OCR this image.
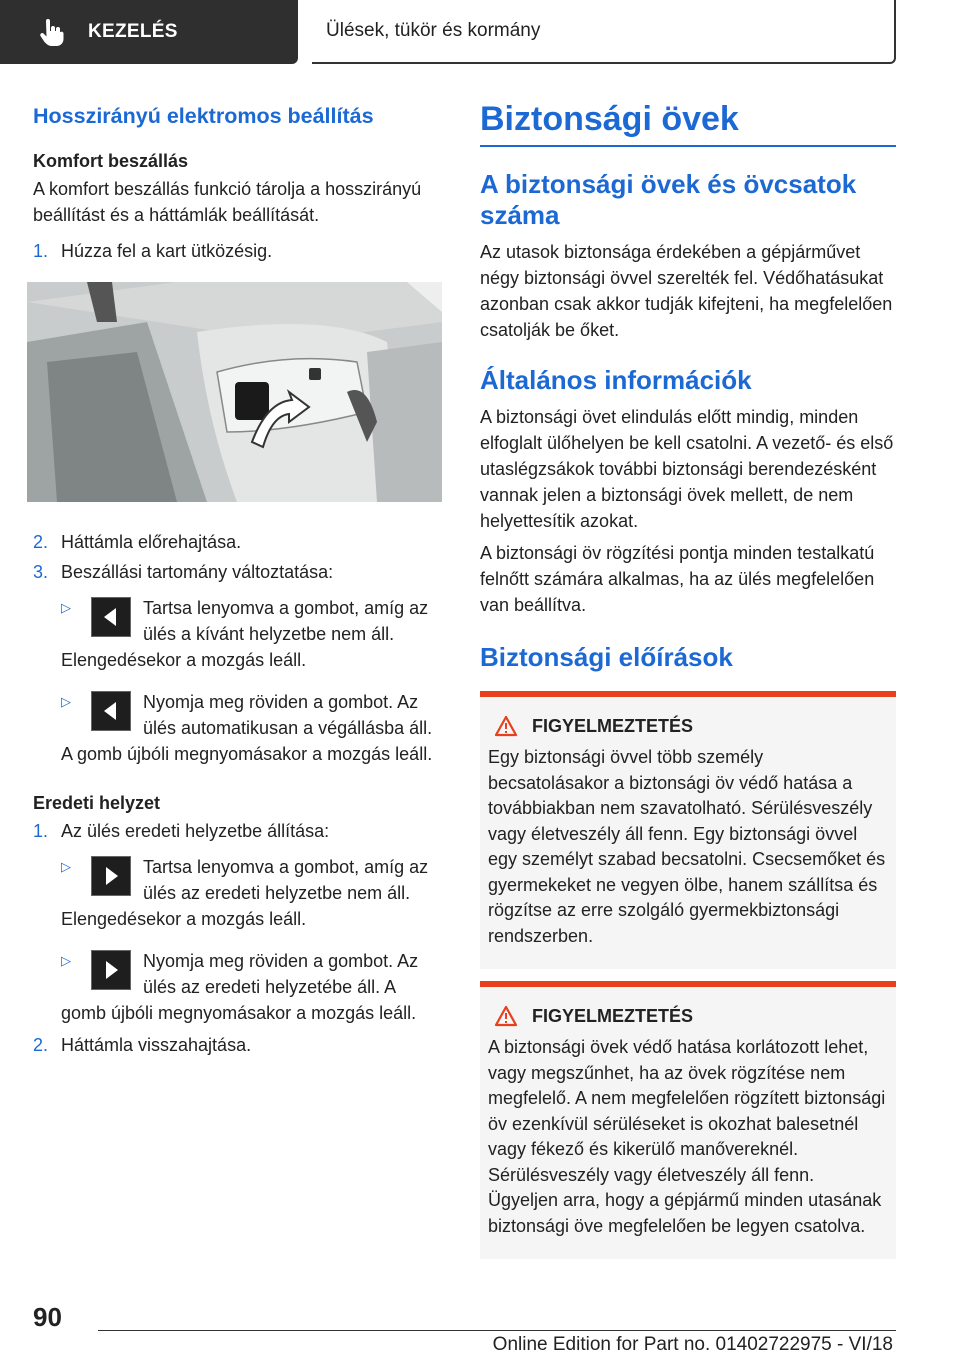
KEZELÉS	Ülések, tükör és kormány
Hosszirányú elektromos beállítás
Komfort beszállás

A komfort beszállás funkció tárolja a hosszirányú beállítást és a háttámlák beállítását.

1. Húzza fel a kart ütközésig.
2. Háttámla előrehajtása.
3. Beszállási tartomány változtatása:
▷	Tartsa lenyomva a gombot, amíg az ülés a kívánt helyzetbe nem áll. Elengedésekor a mozgás leáll.
▷	Nyomja meg röviden a gombot. Az ülés automatikusan a végállásba áll. A gomb újbóli megnyomásakor a mozgás leáll.
Eredeti helyzet
1. Az ülés eredeti helyzetbe állítása:
▷	Tartsa lenyomva a gombot, amíg az ülés az eredeti helyzetbe nem áll. Elengedésekor a mozgás leáll.
▷	Nyomja meg röviden a gombot. Az ülés az eredeti helyzetébe áll. A gomb újbóli megnyomásakor a mozgás leáll.
2. Háttámla visszahajtása.
Biztonsági övek
A biztonsági övek és övcsatok száma

Az utasok biztonsága érdekében a gépjárművet négy biztonsági övvel szerelték fel. Védőhatásukat azonban csak akkor tudják kifejteni, ha megfelelően csatolják be őket.

Általános információk

A biztonsági övet elindulás előtt mindig, minden elfoglalt ülőhelyen be kell csatolni. A vezető- és első utaslégzsákok további biztonsági berendezésként vannak jelen a biztonsági övek mellett, de nem helyettesítik azokat.

A biztonsági öv rögzítési pontja minden testalkatú felnőtt számára alkalmas, ha az ülés megfelelően van beállítva.

Biztonsági előírások
FIGYELMEZTETÉS

Egy biztonsági övvel több személy becsatolásakor a biztonsági öv védő hatása a továbbiakban nem szavatolható. Sérülésveszély vagy életveszély áll fenn. Egy biztonsági övvel egy személyt szabad becsatolni. Csecsemőket és gyermekeket ne vegyen ölbe, hanem szállítsa és rögzítse az erre szolgáló gyermekbiztonsági rendszerben.

FIGYELMEZTETÉS

A biztonsági övek védő hatása korlátozott lehet, vagy megszűnhet, ha az övek rögzítése nem megfelelő. A nem megfelelően rögzített biztonsági öv ezenkívül sérüléseket is okozhat balesetnél vagy fékező és kikerülő manővereknél. Sérülésveszély vagy életveszély áll fenn. Ügyeljen arra, hogy a gépjármű minden utasának biztonsági öve megfelelően be legyen csatolva.

90
Online Edition for Part no. 01402722975 - VI/18
